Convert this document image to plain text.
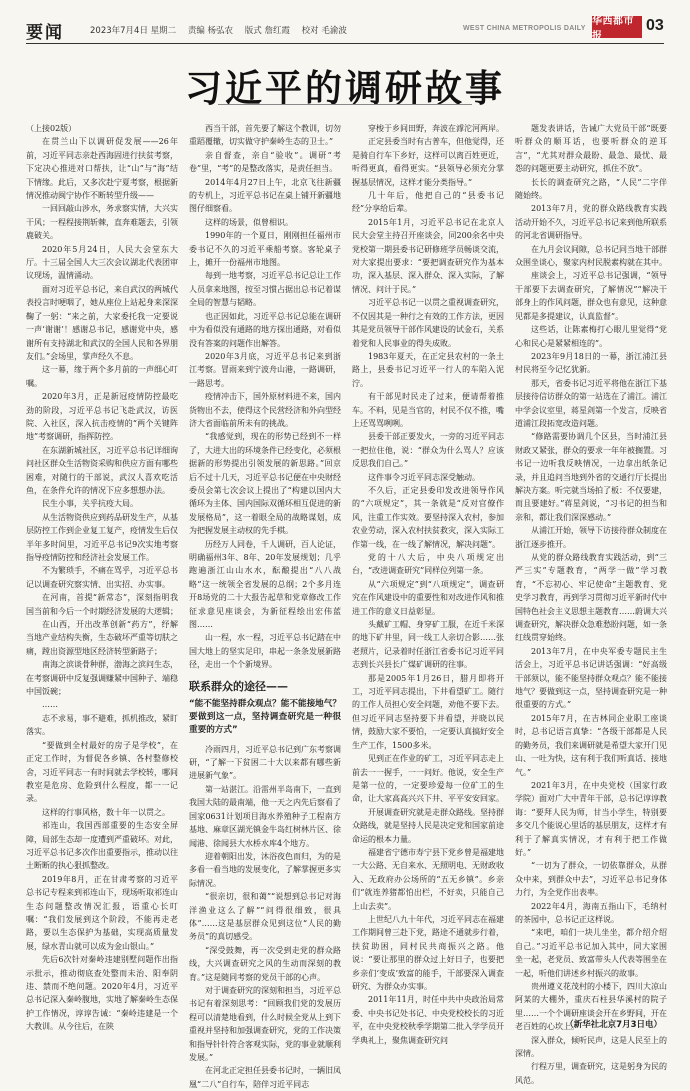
要闻	2023年7月4日 星期二 责编 杨弘农 版式 詹红霞 校对 毛渝波	WEST CHINA METROPOLIS DAILY
华西都市报
03
习近平的调研故事

（上接02版）

在贯兰山下以调研促发展——26年前，习近平同志亲赴西海固进行扶贫考察，下定决心推进对口帮扶，让“山”与“海”结下情缘。此后，又多次赴宁夏考察，根据新情况推动闽宁协作不断转型升级——

一回回敲山涉水，务求察实情，大兴实干风；一程程接荆斩棘，直奔难题去，引领鹿破关。

2020年5月24日，人民大会堂东大厅。十三届全国人大三次会议湖北代表团审议现场，温情涌动。

面对习近平总书记，来自武汉的两城代表投言时哽咽了，她从座位上站起身来深深鞠了一躬：“来之前，大家委托我一定要说一声‘谢谢’！感谢总书记，感谢党中央，感谢所有支持湖北和武汉的全国人民和各界朋友们。”会场里，掌声经久不息。

这一幕，缘于两个多月前的一声细心叮嘱。

2020年3月，正是新冠疫情防控最吃劲的阶段，习近平总书记飞赴武汉，访医院、入社区，深入抗击疫情的“两个关键阵地”考察调研，指挥防控。

在东湖新城社区，习近平总书记详细询问社区群众生活物资采购和供应方面有哪些困难，对随行的干部说，武汉人喜欢吃活鱼，在条件允许的情况下应多想想办法。

民生小事，关乎抗疫大局。

从生活物资供应到药品研发生产，从基层防控工作到企业复工复产，疫情发生后仅半年多时间里，习近平总书记9次实地考察指导疫情防控和经济社会发展工作。

不为繁琐手，不痛在骂乎，习近平总书记以调查研究察实情、出实招、办实事。

在河南，首提“新常态”，深刻指明我国当前和今后一个时期经济发展的大逻辑；

在山西，开出改革创新“药方”，纾解当地产业结构失衡，生态破坏严重等切肤之痛，蹚出资源型地区经济转型新路子；

南海之滨谈骨种群，渤海之滨问生态，在考察调研中反复强调赚紧中国种子、端稳中国饭碗；

……

志不求易，事不避难，抓机推改，紧盯落实。

“要做到全村最好的房子是学校”，在正定工作时，为督促各乡镇、各村整修校舍，习近平同志一有时间就去学校转，哪间教室是危房、危险到什么程度，都一一记录。

这样的行事风格，数十年一以贯之。

祁连山，我国西部重要的生态安全屏障，局部生态却一度遭到严重破坏。对此，习近平总书记多次作出重要指示，推动以往土断断的执心狠抓整改。

2019年8月，正在甘肃考察的习近平总书记专程来到祁连山下，现场听取祁连山生态问题整改情况汇报，语重心长叮嘱：“我们发展到这个阶段，不能再走老路，要以生态保护为基础，实现高质量发展，绿水青山就可以成为金山银山。”

先后6次针对秦岭违建别墅问题作出指示批示，推动彻底查处整而未治、阳奉阴违、禁而不绝问题。2020年4月，习近平总书记深入秦岭腹地，实地了解秦岭生态保护工作情况，谆谆告诫：“秦岭违建是一个大教训。从今往后，在陕

西当干部，首先要了解这个教训，切勿重蹈覆辙，切实做守护秦岭生态的卫士。”

亲自督查，亲自“验收”。调研“考卷”里，“考”的是整改落实，是责任担当。

2014年4月27日上午，北京飞往新疆的专机上，习近平总书记在桌上铺开新疆地图仔细察看。

这样的场景，似曾相识。

1990年的一个夏日，刚刚担任福州市委书记不久的习近平乘船考察。客轮桌子上，摊开一份福州市地图。

每到一地考察，习近平总书记总让工作人员拿来地图，按至习惯占据出总书记着谋全局的智慧与韬略。

也正因如此，习近平总书记总能在调研中为看似没有通路的地方探出通路，对看似没有答案的问题作出解答。

2020年3月底，习近平总书记来到浙江考察。冒雨来到宁波舟山港，一路调研，一路思考。

疫情冲击下，国外原材料进不来，国内货物出不去，使得这个民营经济和外向型经济大省面临前所未有的挑战。

“我感觉到，现在的形势已经到不一样了，大进大出的环境条件已经变化，必须根据新的形势提出引领发展的新思路。”回京后不过十几天，习近平总书记便在中央财经委员会第七次会议上提出了“构建以国内大循环为主体、国内国际双循环相互促进的新发展格局”，这一着眼全局的战略谋划，成为把握发展主动权的先手棋。

历经万人同卷，千人调研，百人论证，明确福州3年、8年、20年发展规划；几乎跑遍浙江山山水水，酝酿提出“八八战略”这一统领全省发展的总纲；2个多月连开8场党的二十大报告起草和党章修改工作征求意见座谈会，为新征程绘出宏伟蓝图……

山一程，水一程，习近平总书记踏在中国大地上的坚实足印，串起一条条发展新路径，走出一个个新境界。

联系群众的途径——
“能不能坚持群众观点？能不能接地气？要做到这一点，坚持调查研究是一种很重要的方式”

冷雨四月，习近平总书记到广东考察调研，“了解一下贫困二十大以来都有哪些新进展新气象”。

第一站湛江。沿雷州半岛南下，一直到我国大陆的最南端，他一天之内先后察看了国家0631计划项目海水养殖种子工程南方基地、麻章区湖光镇金牛岛红树林片区、徐闻港、徐闻县大水桥水库4个地方。

迎着朝阳出发，沐浴夜色而归，为的是多看一看当地的发展变化，了解掌握更多实际情况。

“很亲切，很和蔼”“说想到总书记对海洋渔业这么了解”“问得很细致，很具体”……这是基层群众见到这位“人民的勤务员”的真切感受。

“深受鼓舞，再一次受到走党的群众路线，大兴调查研究之风的生动而深刻的教育。”这是随同考察的党员干部的心声。

对于调查研究的深刻和担当，习近平总书记有着深刻思考：“回顾我们党的发展历程可以清楚地看到，什么时候全党从上到下重视并坚持和加强调查研究，党的工作决策和指导针针符合客观实际，党的事业就顺利发展。”

在河北正定担任县委书记时，一辆旧凤凰“二八”自行车，陪伴习近平同志

穿梭于乡间田野，奔波在滹沱河两岸。

正定县委当时有古普车，但他觉得，还是骑自行车下乡好，这样可以离百姓更近，听得更真，看得更实。“县领导必须充分掌握基层情况，这样才能分类指导。”

几十年后，他把自己的“县委书记经”分享给后辈。

2015年1月，习近平总书记在北京人民大会堂主持召开座谈会，同200余名中央党校第一期县委书记研修班学员畅谈交流，对大家提出要求：“要把调查研究作为基本功，深入基层、深入群众、深入实际，了解情况、问计于民。”

习近平总书记一以贯之重视调查研究，不仅因其是一种行之有效的工作方法，更因其是党员领导干部作风建设的试金石，关系着党和人民事业的得失成败。

1983年夏天，在正定县农村的一条土路上，县委书记习近平一行人的车陷入泥泞。

有干部见时民走了过来，便请帮着推车。不料，见是当官的，村民不仅不推，嘴上还骂骂咧咧。

县委干部正要发火，一旁的习近平同志一把拉住他，说：“群众为什么骂人？应该反思我们自己。”

这件事令习近平同志深受触动。

不久后，正定县委印发改进领导作风的“六项规定”，其一条就是“反对官僚作风，注重工作实效。要坚持深入农村，参加农业劳动，深入农村扶贫救灾，深入实际工作第一线，在一线了解情况，解决问题”。

党的十八大后，中央八项规定出台，“改进调查研究”同样位列第一条。

从“六项规定”到“八项规定”，调查研究在作风建设中的重要性和对改进作风和推进工作的意义日益彰显。

头戴矿工帽、身穿矿工服，在近千米深的地下矿井里，同一线工人亲切合影……张老照片，记录着时任浙江省委书记习近平同志到长兴县长广煤矿调研的往事。

那是2005年1月26日，腊月即将开工，习近平同志提出，下井看望矿工。随行的工作人员担心安全问题，劝他不要下去。但习近平同志坚持要下井看望，并晓以民情，鼓励大家不要怕，一定要认真搞好安全生产工作，1500多米。

见到正在作业的矿工，习近平同志走上前去一一握手，一一问好。他说，安全生产是第一位的，一定要珍爱每一位矿工的生命，让大家高高兴兴下井、平平安安回家。

开展调查研究就是走群众路线。坚持群众路线，就是坚持人民是决定党和国家前途命运的根本力量。

福建省宁德市寿宁县下党乡曾是福建地一大公路、无自来水、无照明电、无财政收入、无政府办公场所的“五无乡镇”。乡亲们“就连养猪都怕出栏，不好卖，只能自己上山去卖”。

上世纪八九十年代，习近平同志在福建工作期间曾三赴下党，路途不通就步行着，扶贫助困，同村民共商振兴之路。他说：“要让那里的群众过上好日子，也要把乡亲们‘变成’致富的能手，干部要深入调查研究、为群众办实事。

2011年11月，时任中共中央政治局常委、中央书记处书记、中央党校校长的习近平，在中央党校秋季学期第二批入学学员开学典礼上，聚焦调查研究问

题发表讲话，告诫广大党员干部“既要听群众的顺耳话，也要听群众的逆耳言”，“尤其对群众最盼、最急、最忧、最怨的问题更要主动研究，抓住不放”。

长长的调查研究之路，“人民”二字伴随始终。

2013年7月，党的群众路线教育实践活动开始不久，习近平总书记来到他所联系的河北省调研指导。

在九月会议间隙，总书记同当地干部群众围坐谈心，聚家内村民脱素构就在其中。

座谈会上，习近平总书记强调，“领导干部要下去调查研究，了解情况”“解决干部身上的作风问题，群众也有意见，这种意见都是多提建议，认真监督”。

这些话，让陈素梅打心眼儿里觉得“党心和民心是紧紧相连的”。

2023年9月18日的一幕，浙江浦江县村民将至今记忆犹新。

那天，省委书记习近平将他在浙江下基层接待信访群众的第一站选在了浦江。浦江中学会议室里，蒋星剑第一个发言，反映省道浦江段拓宽改造问题。

“修路需要协调几个区县，当时浦江县财政又紧张，群众的要求一年年被搁置。习书记一边听我反映情况，一边拿出纸条记录，并且追问当地到外省的交通行厅长提出解决方案。听完就当场拍了板：不仅要建，而且要建好。”蒋星剑说，“习书记的担当和亲和，都让我们深深感动。”

从浦江开始，领导下访接待群众制度在浙江逐步推开。

从党的群众路线教育实践活动，到“三严三实”专题教育，“两学一做”学习教育，“不忘初心、牢记使命”主题教育、党史学习教育，再到学习贯彻习近平新时代中国特色社会主义思想主题教育……蔚调大兴调查研究，解决群众急难愁盼问题，如一条红线贯穿始终。

2013年7月，在中央军委专题民主生活会上，习近平总书记讲话强调：“好高级干部须以，能不能坚持群众观点？能不能接地气？要做到这一点，坚持调查研究是一种很重要的方式。”

2015年7月，在吉林同企业职工座谈时，总书记语言真挚：“各级干部都是人民的勤务员，我们来调研就是希望大家开门见山、一吐为快，这有利于我们听真话、接地气。”

2021年3月，在中央党校（国家行政学院）面对广大中青年干部，总书记谆谆教诲：“要拜人民为师，甘当小学生，特别要多交几个能说心里话的基层朋友，这样才有利于了解真实情况，才有利于把工作做好。”

“一切为了群众，一切依靠群众，从群众中来，到群众中去”，习近平总书记身体力行，为全党作出表率。

2022年4月，海南五指山下，毛纳村的茶园中，总书记正这样说。

“来吧，咱们一块儿坐坐，都介绍介绍自己。”习近平总书记加入其中，同大家围坐一起，老党员、致富带头人代表等围坐在一起，听他们讲述乡村振兴的故事。

贵州遵义花茂村的小楼下，四川大凉山阿某的大棚外，重庆石柱县华溪村的院子里……一个个调研座谈会开在乡野间，开在老百姓的心坎上。

深入群众，倾听民声，这是人民至上的深情。

行程万里，调查研究，这是躬身为民的风范。

（新华社北京7月3日电）
